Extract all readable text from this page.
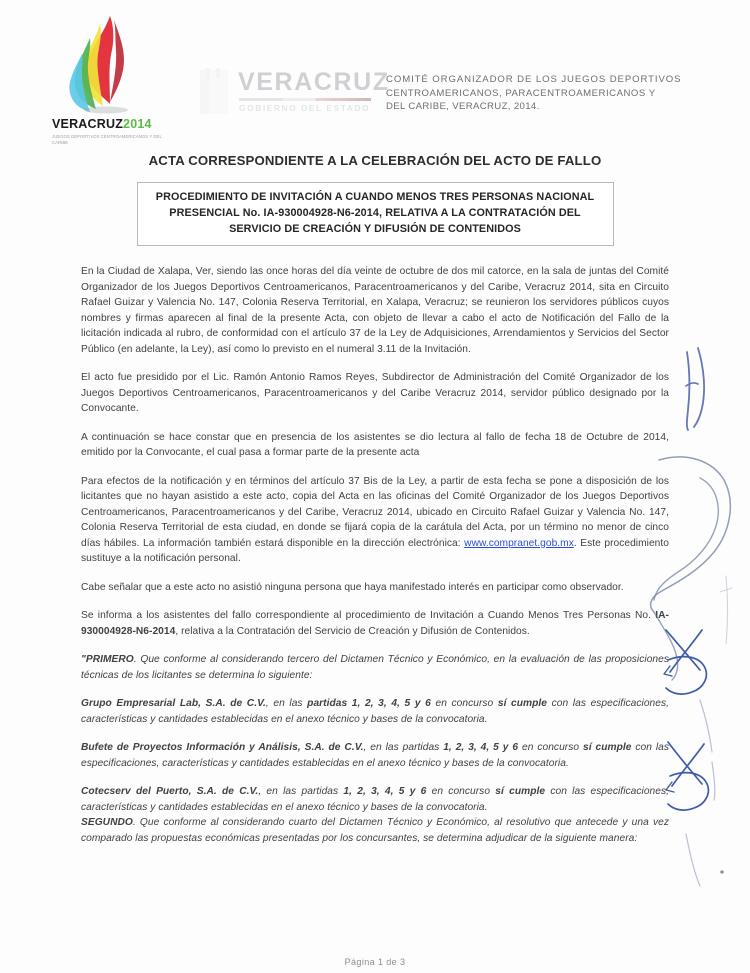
VERACRUZ2014
JUEGOS DEPORTIVOS CENTROAMERICANOS Y DEL CARIBE
VERACRUZ
GOBIERNO DEL ESTADO
COMITÉ ORGANIZADOR DE LOS JUEGOS DEPORTIVOS
CENTROAMERICANOS, PARACENTROAMERICANOS Y
DEL CARIBE, VERACRUZ, 2014.
ACTA CORRESPONDIENTE A LA CELEBRACIÓN DEL ACTO DE FALLO
PROCEDIMIENTO DE INVITACIÓN A CUANDO MENOS TRES PERSONAS NACIONAL
PRESENCIAL No. IA-930004928-N6-2014, RELATIVA A LA CONTRATACIÓN DEL
SERVICIO DE CREACIÓN Y DIFUSIÓN DE CONTENIDOS

En la Ciudad de Xalapa, Ver, siendo las once horas del día veinte de octubre de dos mil catorce, en la sala de juntas del Comité Organizador de los Juegos Deportivos Centroamericanos, Paracentroamericanos y del Caribe, Veracruz 2014, sita en Circuito Rafael Guizar y Valencia No. 147, Colonia Reserva Territorial, en Xalapa, Veracruz; se reunieron los servidores públicos cuyos nombres y firmas aparecen al final de la presente Acta, con objeto de llevar a cabo el acto de Notificación del Fallo de la licitación indicada al rubro, de conformidad con el artículo 37 de la Ley de Adquisiciones, Arrendamientos y Servicios del Sector Público (en adelante, la Ley), así como lo previsto en el numeral 3.11 de la Invitación.

El acto fue presidido por el Lic. Ramón Antonio Ramos Reyes, Subdirector de Administración del Comité Organizador de los Juegos Deportivos Centroamericanos, Paracentroamericanos y del Caribe Veracruz 2014, servidor público designado por la Convocante.

A continuación se hace constar que en presencia de los asistentes se dio lectura al fallo de fecha 18 de Octubre de 2014, emitido por la Convocante, el cual pasa a formar parte de la presente acta

Para efectos de la notificación y en términos del artículo 37 Bis de la Ley, a partir de esta fecha se pone a disposición de los licitantes que no hayan asistido a este acto, copia del Acta en las oficinas del Comité Organizador de los Juegos Deportivos Centroamericanos, Paracentroamericanos y del Caribe, Veracruz 2014, ubicado en Circuito Rafael Guizar y Valencia No. 147, Colonia Reserva Territorial de esta ciudad, en donde se fijará copia de la carátula del Acta, por un término no menor de cinco días hábiles. La información también estará disponible en la dirección electrónica: www.compranet.gob.mx. Este procedimiento sustituye a la notificación personal.

Cabe señalar que a este acto no asistió ninguna persona que haya manifestado interés en participar como observador.

Se informa a los asistentes del fallo correspondiente al procedimiento de Invitación a Cuando Menos Tres Personas No. IA-930004928-N6-2014, relativa a la Contratación del Servicio de Creación y Difusión de Contenidos.

"PRIMERO. Que conforme al considerando tercero del Dictamen Técnico y Económico, en la evaluación de las proposiciones técnicas de los licitantes se determina lo siguiente:

Grupo Empresarial Lab, S.A. de C.V., en las partidas 1, 2, 3, 4, 5 y 6 en concurso sí cumple con las especificaciones, características y cantidades establecidas en el anexo técnico y bases de la convocatoria.

Bufete de Proyectos Información y Análisis, S.A. de C.V., en las partidas 1, 2, 3, 4, 5 y 6 en concurso sí cumple con las especificaciones, características y cantidades establecidas en el anexo técnico y bases de la convocatoria.

Cotecserv del Puerto, S.A. de C.V., en las partidas 1, 2, 3, 4, 5 y 6 en concurso sí cumple con las especificaciones, características y cantidades establecidas en el anexo técnico y bases de la convocatoria.

SEGUNDO. Que conforme al considerando cuarto del Dictamen Técnico y Económico, al resolutivo que antecede y una vez comparado las propuestas económicas presentadas por los concursantes, se determina adjudicar de la siguiente manera:

Página 1 de 3
